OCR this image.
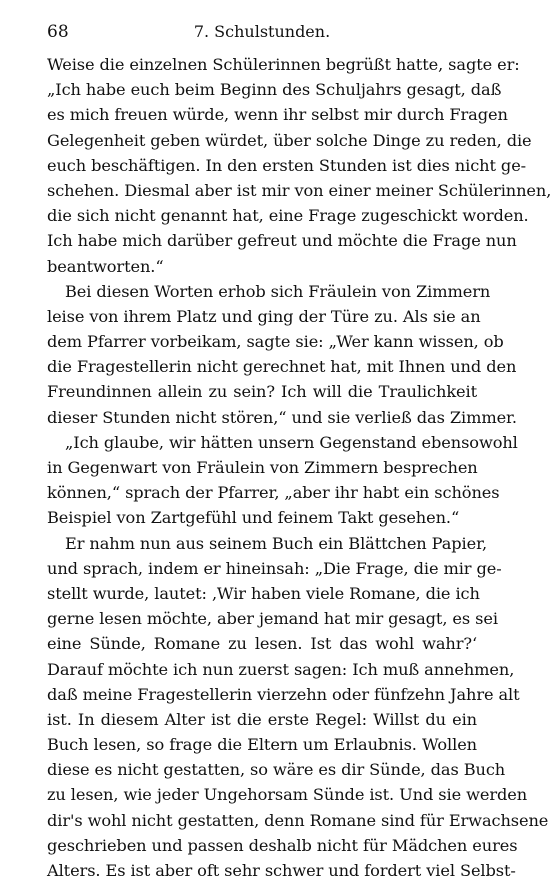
68	7. Schulstunden.
Weise die einzelnen Schülerinnen begrüßt hatte, sagte er:
„Ich habe euch beim Beginn des Schuljahrs gesagt, daß
es mich freuen würde, wenn ihr selbst mir durch Fragen
Gelegenheit geben würdet, über solche Dinge zu reden, die
euch beschäftigen. In den ersten Stunden ist dies nicht ge-
schehen. Diesmal aber ist mir von einer meiner Schülerinnen,
die sich nicht genannt hat, eine Frage zugeschickt worden.
Ich habe mich darüber gefreut und möchte die Frage nun
beantworten.“
Bei diesen Worten erhob sich Fräulein von Zimmern
leise von ihrem Platz und ging der Türe zu. Als sie an
dem Pfarrer vorbeikam, sagte sie: „Wer kann wissen, ob
die Fragestellerin nicht gerechnet hat, mit Ihnen und den
Freundinnen allein zu sein? Ich will die Traulichkeit
dieser Stunden nicht stören,“ und sie verließ das Zimmer.
„Ich glaube, wir hätten unsern Gegenstand ebensowohl
in Gegenwart von Fräulein von Zimmern besprechen
können,“ sprach der Pfarrer, „aber ihr habt ein schönes
Beispiel von Zartgefühl und feinem Takt gesehen.“
Er nahm nun aus seinem Buch ein Blättchen Papier,
und sprach, indem er hineinsah: „Die Frage, die mir ge-
stellt wurde, lautet: ‚Wir haben viele Romane, die ich
gerne lesen möchte, aber jemand hat mir gesagt, es sei
eine Sünde, Romane zu lesen. Ist das wohl wahr?‘
Darauf möchte ich nun zuerst sagen: Ich muß annehmen,
daß meine Fragestellerin vierzehn oder fünfzehn Jahre alt
ist. In diesem Alter ist die erste Regel: Willst du ein
Buch lesen, so frage die Eltern um Erlaubnis. Wollen
diese es nicht gestatten, so wäre es dir Sünde, das Buch
zu lesen, wie jeder Ungehorsam Sünde ist. Und sie werden
dir's wohl nicht gestatten, denn Romane sind für Erwachsene
geschrieben und passen deshalb nicht für Mädchen eures
Alters. Es ist aber oft sehr schwer und fordert viel Selbst-
